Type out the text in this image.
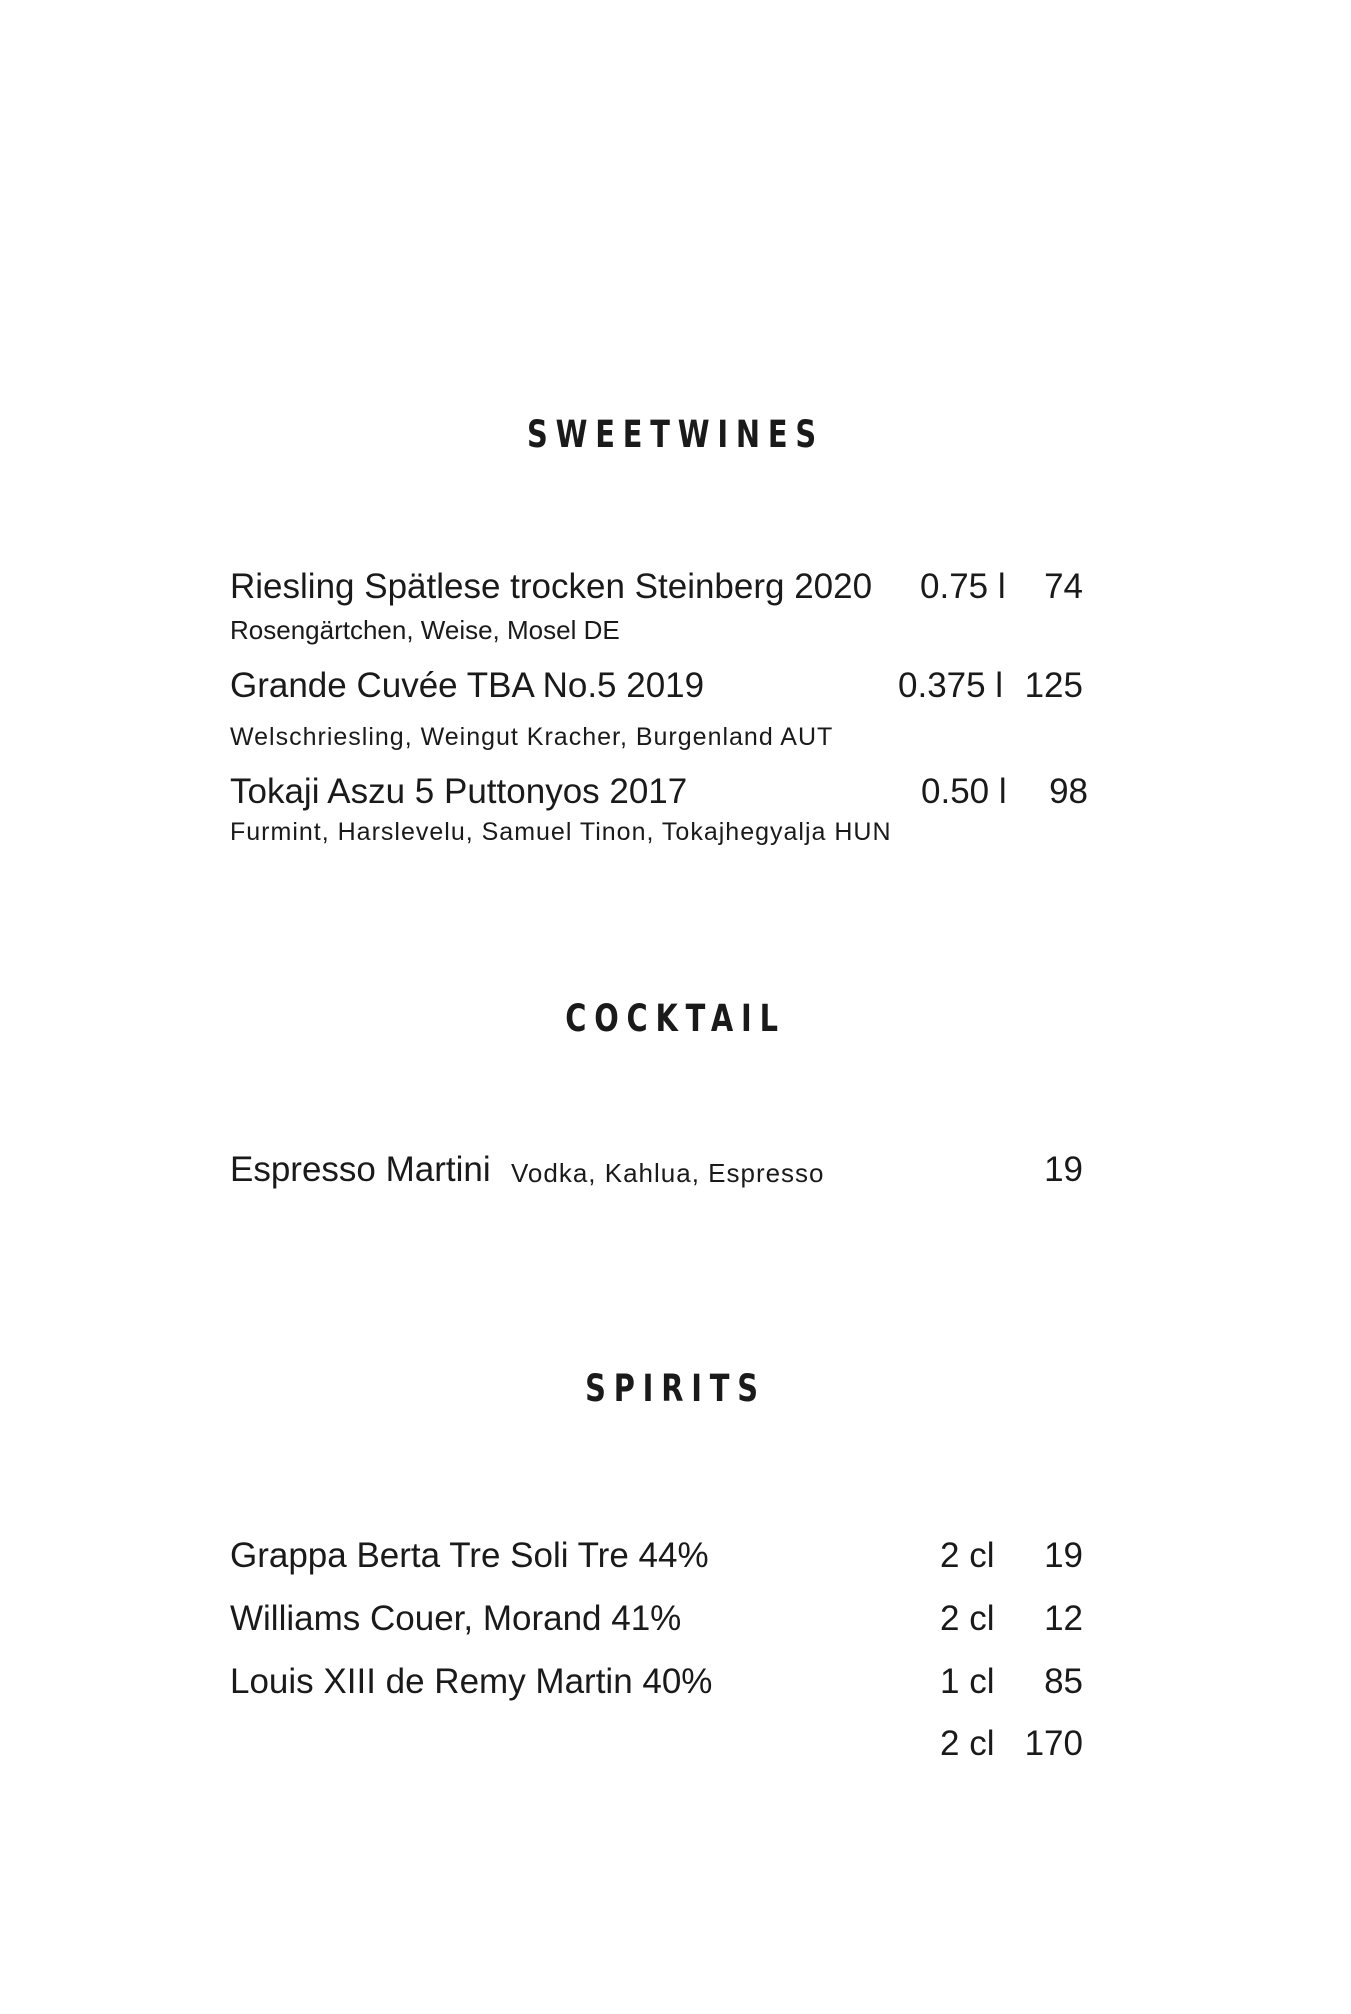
SWEETWINES
Riesling Spätlese trocken Steinberg 2020 0.75 l	74
Rosengärtchen, Weise, Mosel DE
Grande Cuvée TBA No.5 2019	0.375 l 125
Welschriesling, Weingut Kracher, Burgenland AUT
Tokaji Aszu 5 Puttonyos 2017	0.50 l	98
Furmint, Harslevelu, Samuel Tinon, Tokajhegyalja HUN
COCKTAIL
Espresso Martini Vodka, Kahlua, Espresso	19
SPIRITS
Grappa Berta Tre Soli Tre 44%	2 cl	19
Williams Couer, Morand 41%	2 cl	12
Louis XIII de Remy Martin 40%	1 cl	85
2 cl 170
